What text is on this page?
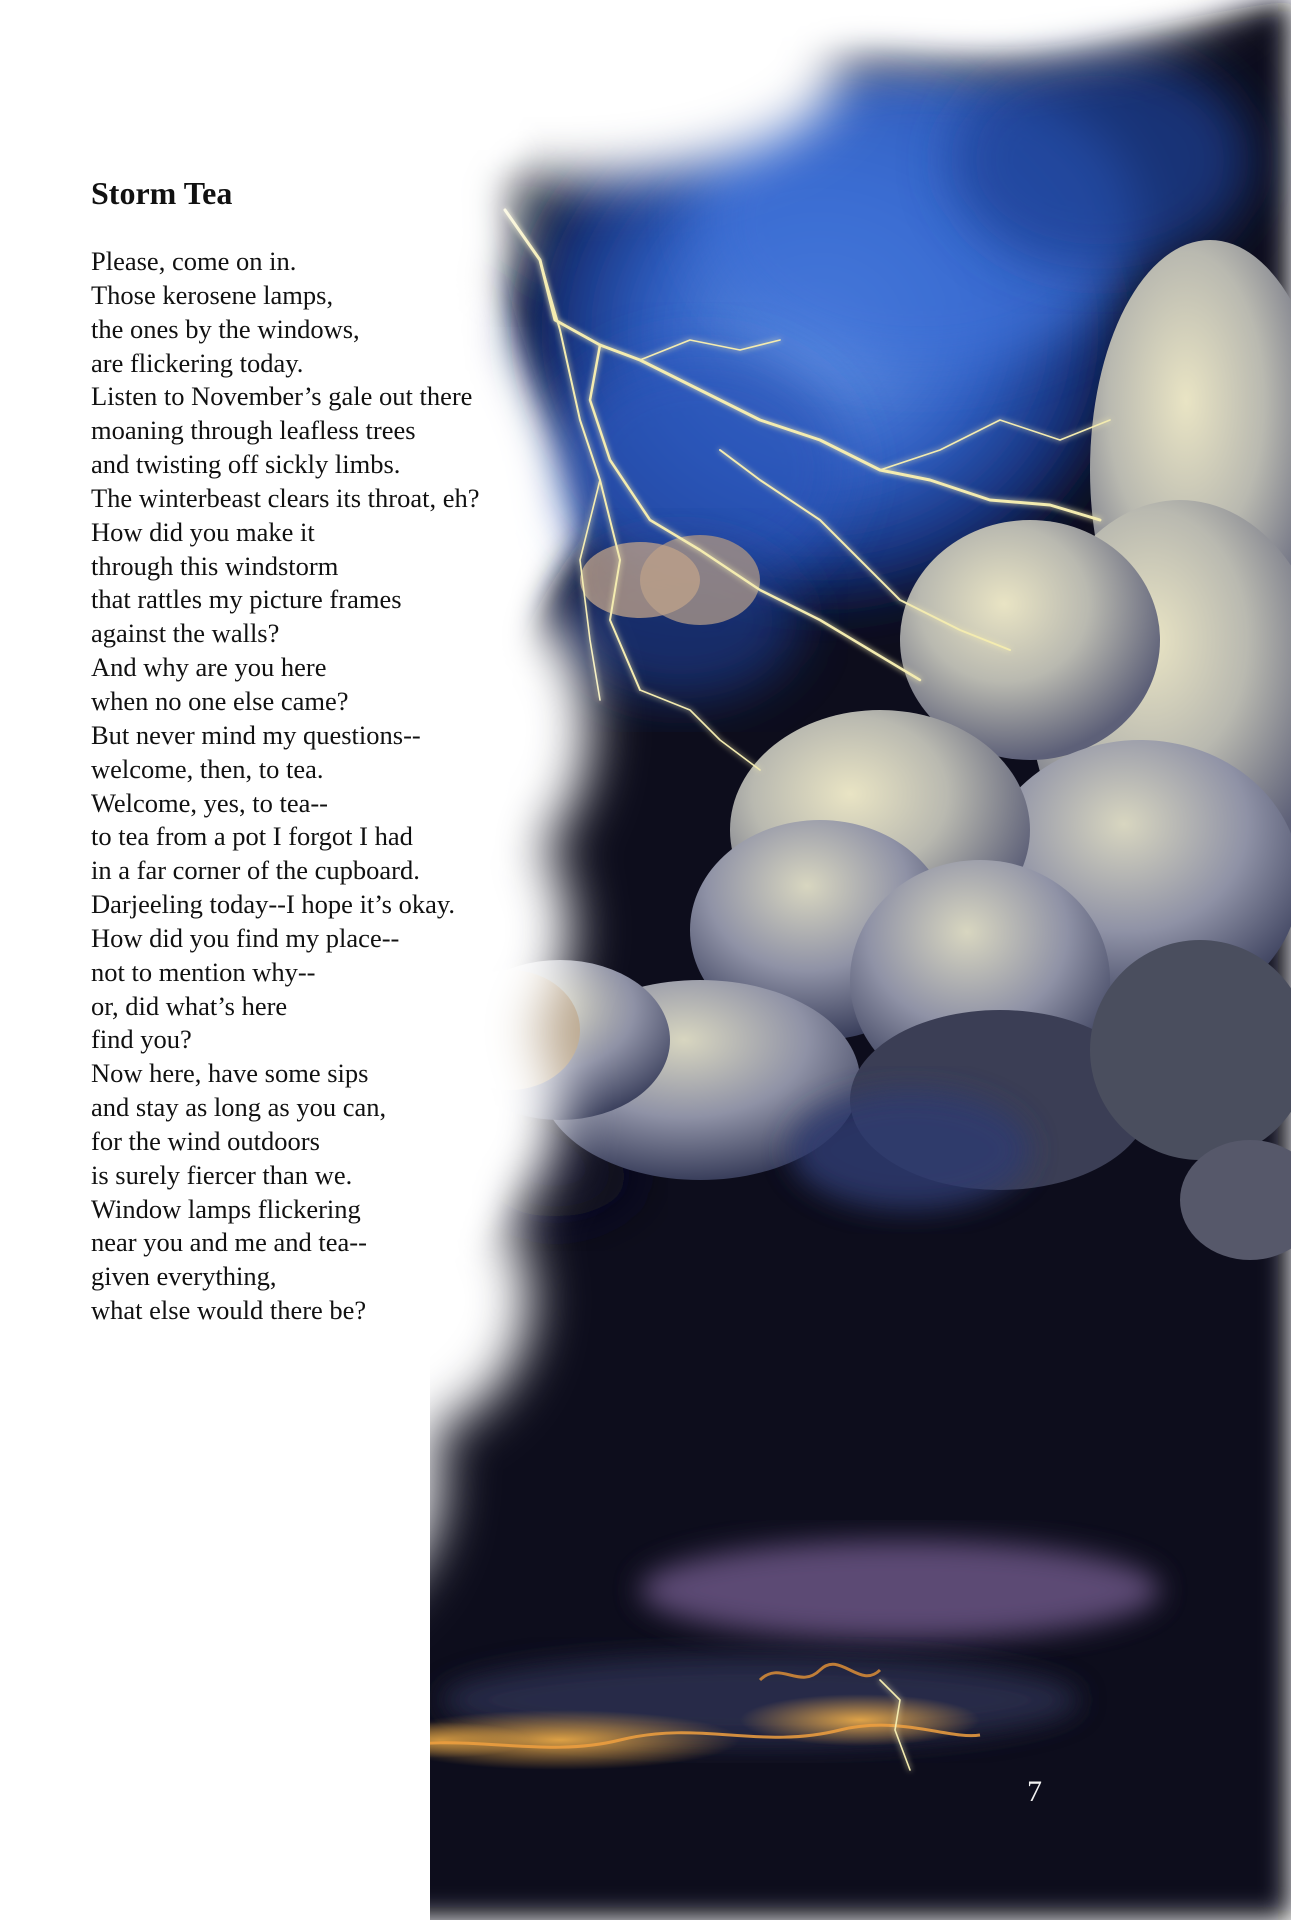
Storm Tea
Please, come on in.
Those kerosene lamps,
the ones by the windows,
are flickering today.
Listen to November’s gale out there
moaning through leafless trees
and twisting off sickly limbs.
The winterbeast clears its throat, eh?
How did you make it
through this windstorm
that rattles my picture frames
against the walls?
And why are you here
when no one else came?
But never mind my questions--
welcome, then, to tea.
Welcome, yes, to tea--
to tea from a pot I forgot I had
in a far corner of the cupboard.
Darjeeling today--I hope it’s okay.
How did you find my place--
not to mention why--
or, did what’s here
find you?
Now here, have some sips
and stay as long as you can,
for the wind outdoors
is surely fiercer than we.
Window lamps flickering
near you and me and tea--
given everything,
what else would there be?
7
